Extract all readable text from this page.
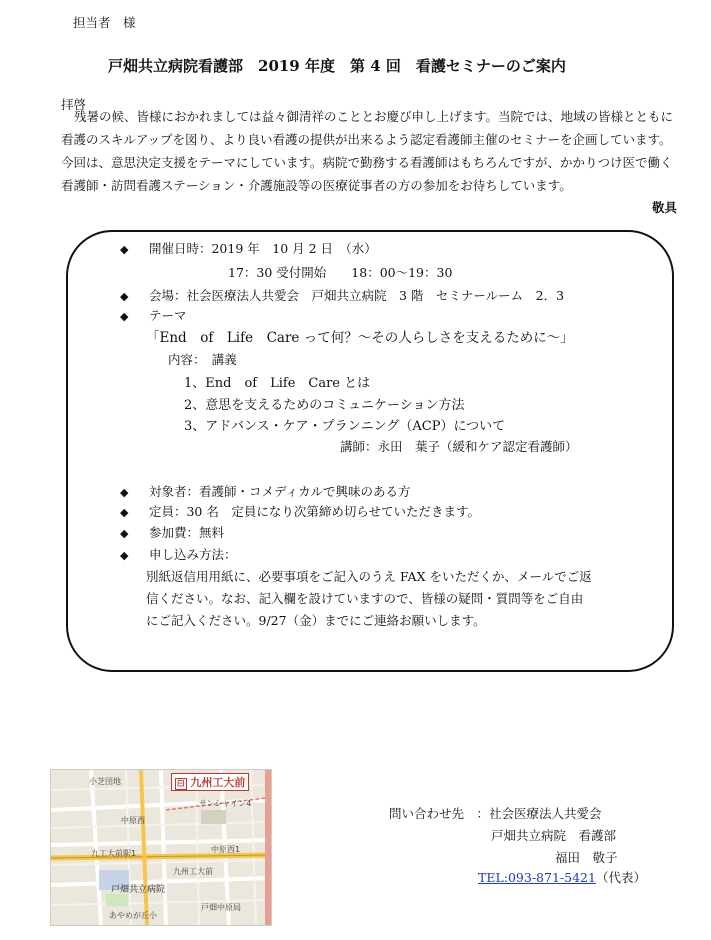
担当者　様
戸畑共立病院看護部　2019 年度　第 4 回　看護セミナーのご案内
拝啓
残暑の候、皆様におかれましては益々御清祥のこととお慶び申し上げます。当院では、地域の皆様とともに
看護のスキルアップを図り、より良い看護の提供が出来るよう認定看護師主催のセミナーを企画しています。
今回は、意思決定支援をテーマにしています。病院で勤務する看護師はもちろんですが、かかりつけ医で働く
看護師・訪問看護ステーション・介護施設等の医療従事者の方の参加をお待ちしています。
敬具
◆ 開催日時：2019 年　10 月 2 日　（水）
17：30 受付開始　　18：00〜19：30
◆ 会場：社会医療法人共愛会　戸畑共立病院　3 階　セミナールーム　2．3
◆ テーマ
「End　of　Life　Care って何？〜その人らしさを支えるために〜」
内容：　講義
1、End　of　Life　Care とは
2、意思を支えるためのコミュニケーション方法
3、アドバンス・ケア・プランニング（ACP）について
講師：永田　葉子（緩和ケア認定看護師）
◆ 対象者：看護師・コメディカルで興味のある方
◆ 定員：30 名　定員になり次第締め切らせていただきます。
◆ 参加費：無料
◆ 申し込み方法：
別紙返信用用紙に、必要事項をご記入のうえ FAX をいただくか、メールでご返
信ください。なお、記入欄を設けていますので、皆様の疑問・質問等をご自由
にご記入ください。9/27（金）までにご連絡お願いします。
⊟ 九州工大前
小芝団地
サンシャイン4
中原西
九工大前駅1	中原西1
九州工大前
戸畑共立病院
あやめが丘小
戸畑中原局
問い合わせ先　：社会医療法人共愛会
戸畑共立病院　看護部
福田　敬子
TEL:093-871-5421（代表）
